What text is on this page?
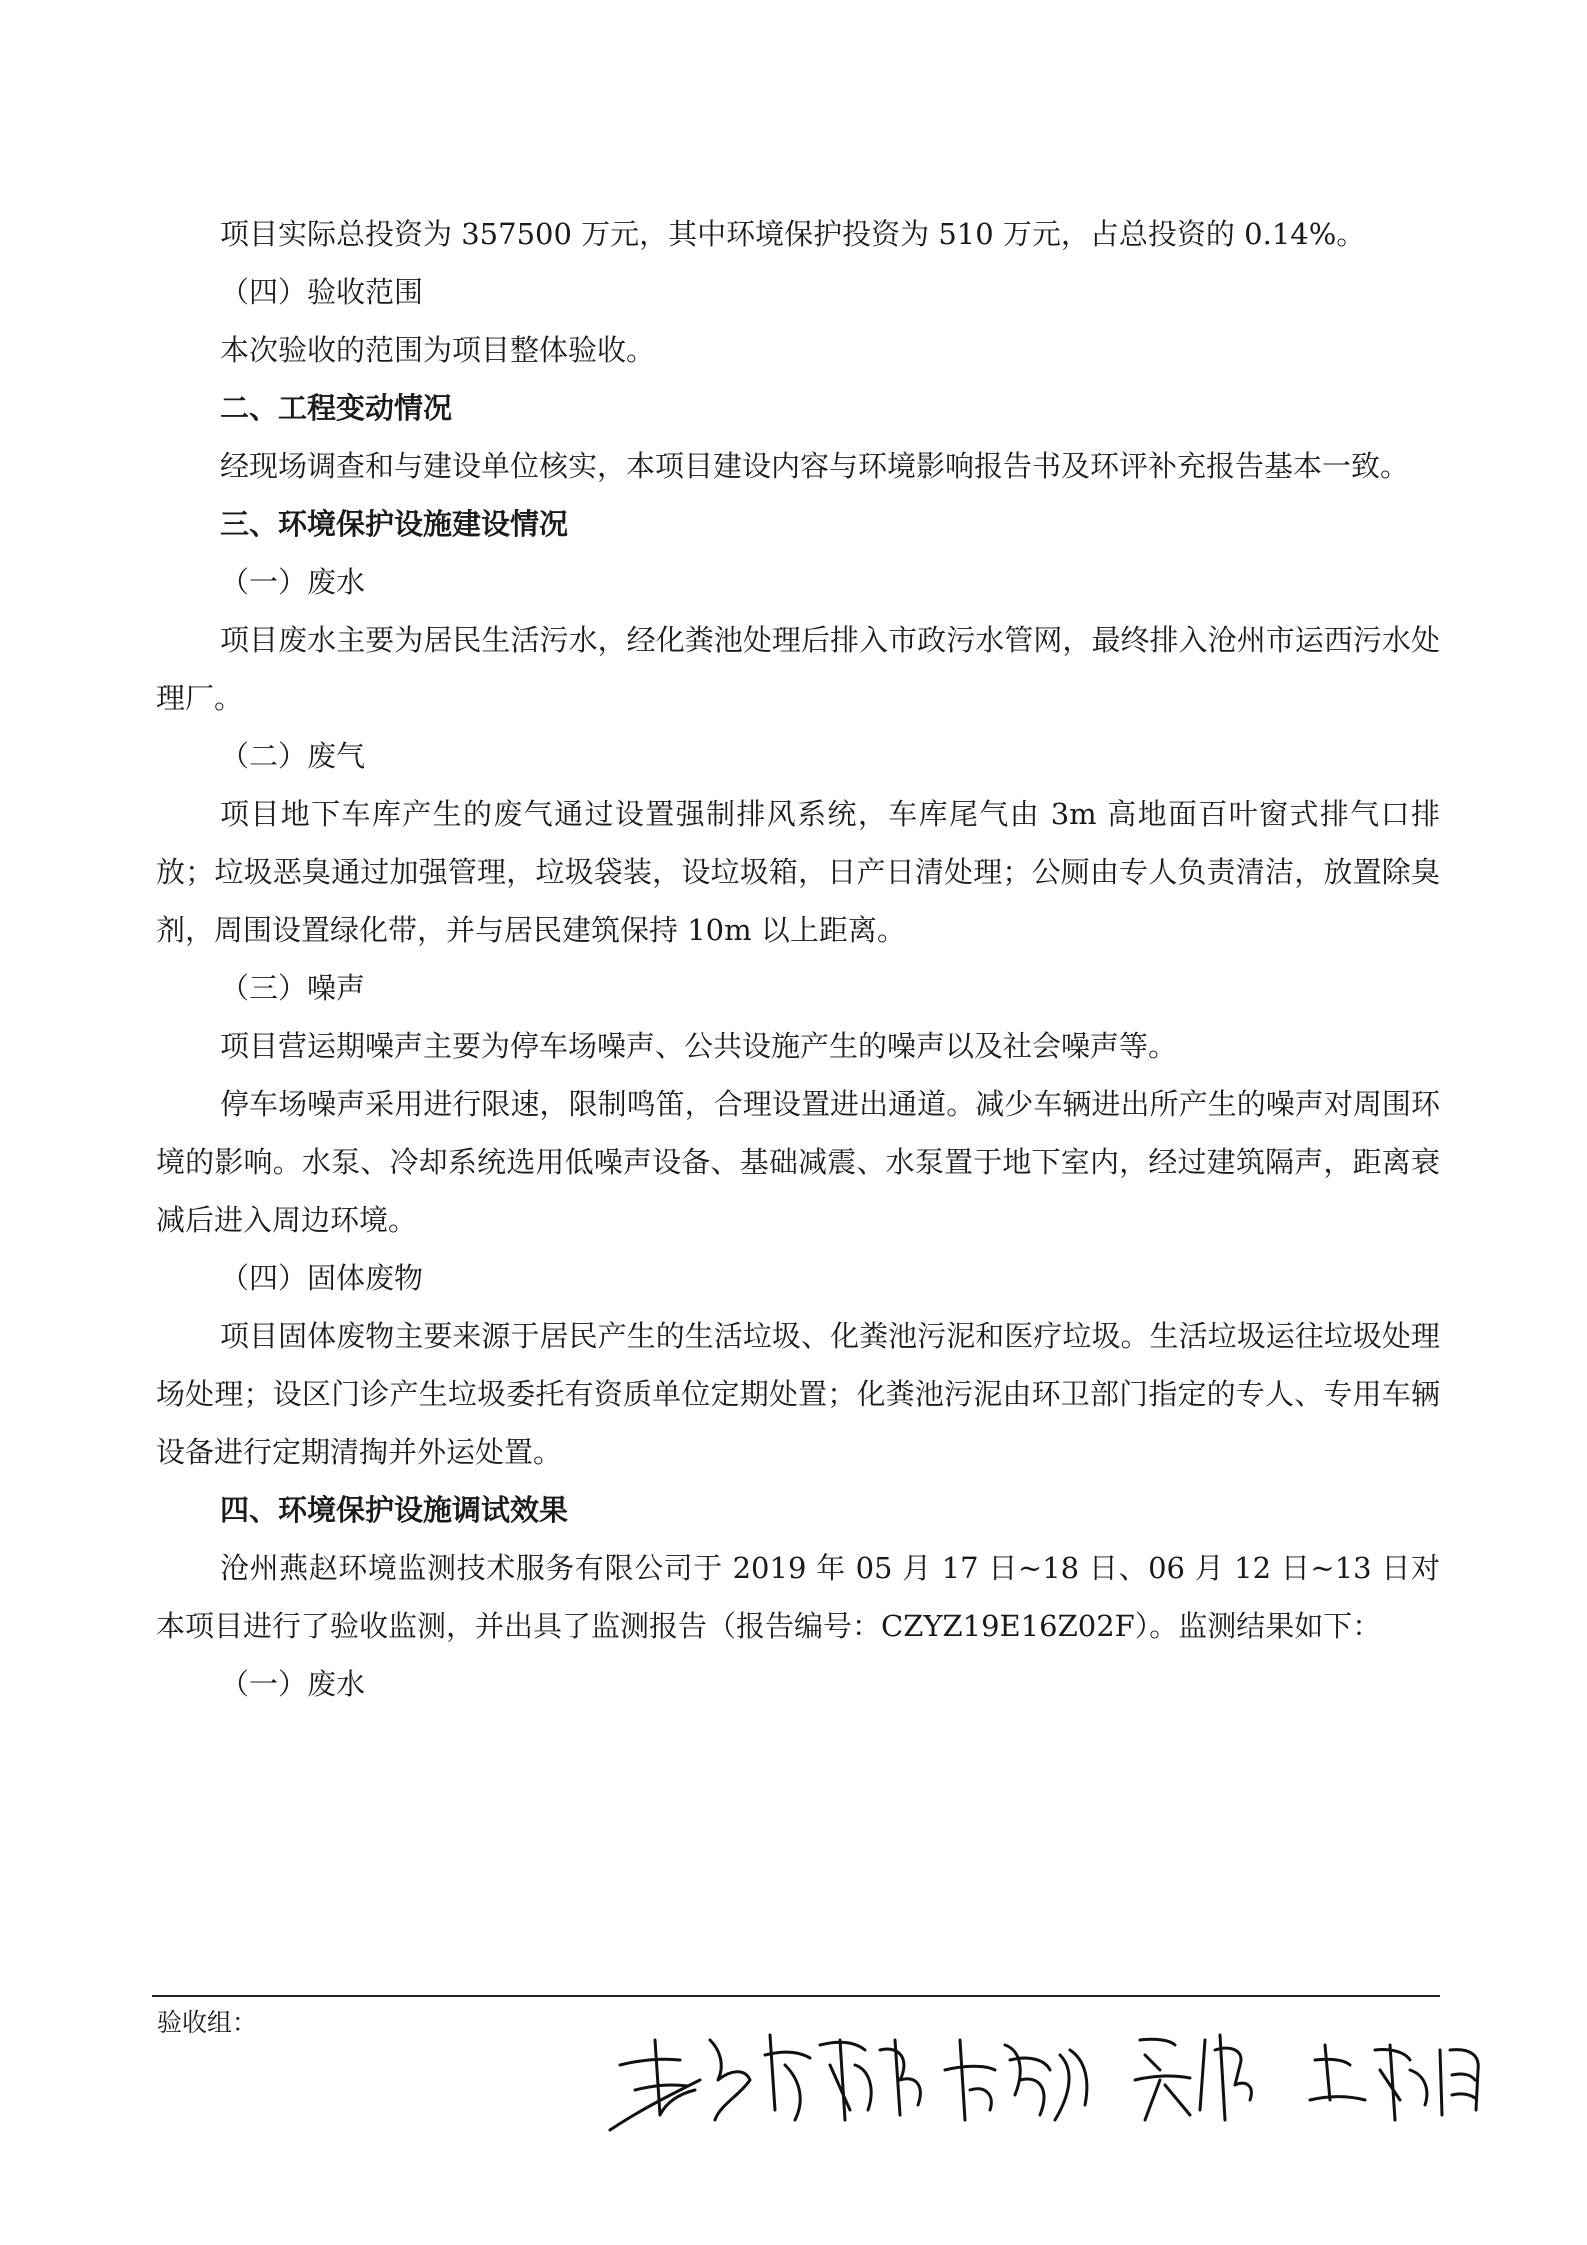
项目实际总投资为 357500 万元，其中环境保护投资为 510 万元，占总投资的 0.14%。

（四）验收范围

本次验收的范围为项目整体验收。

二、工程变动情况

经现场调查和与建设单位核实，本项目建设内容与环境影响报告书及环评补充报告基本一致。

三、环境保护设施建设情况

（一）废水

项目废水主要为居民生活污水，经化粪池处理后排入市政污水管网，最终排入沧州市运西污水处理厂。

（二）废气

项目地下车库产生的废气通过设置强制排风系统，车库尾气由 3m 高地面百叶窗式排气口排放；垃圾恶臭通过加强管理，垃圾袋装，设垃圾箱，日产日清处理；公厕由专人负责清洁，放置除臭剂，周围设置绿化带，并与居民建筑保持 10m 以上距离。

（三）噪声

项目营运期噪声主要为停车场噪声、公共设施产生的噪声以及社会噪声等。

停车场噪声采用进行限速，限制鸣笛，合理设置进出通道。减少车辆进出所产生的噪声对周围环境的影响。水泵、冷却系统选用低噪声设备、基础减震、水泵置于地下室内，经过建筑隔声，距离衰减后进入周边环境。

（四）固体废物

项目固体废物主要来源于居民产生的生活垃圾、化粪池污泥和医疗垃圾。生活垃圾运往垃圾处理场处理；设区门诊产生垃圾委托有资质单位定期处置；化粪池污泥由环卫部门指定的专人、专用车辆设备进行定期清掏并外运处置。

四、环境保护设施调试效果

沧州燕赵环境监测技术服务有限公司于 2019 年 05 月 17 日~18 日、06 月 12 日~13 日对本项目进行了验收监测，并出具了监测报告（报告编号：CZYZ19E16Z02F）。监测结果如下：

（一）废水

验收组：
